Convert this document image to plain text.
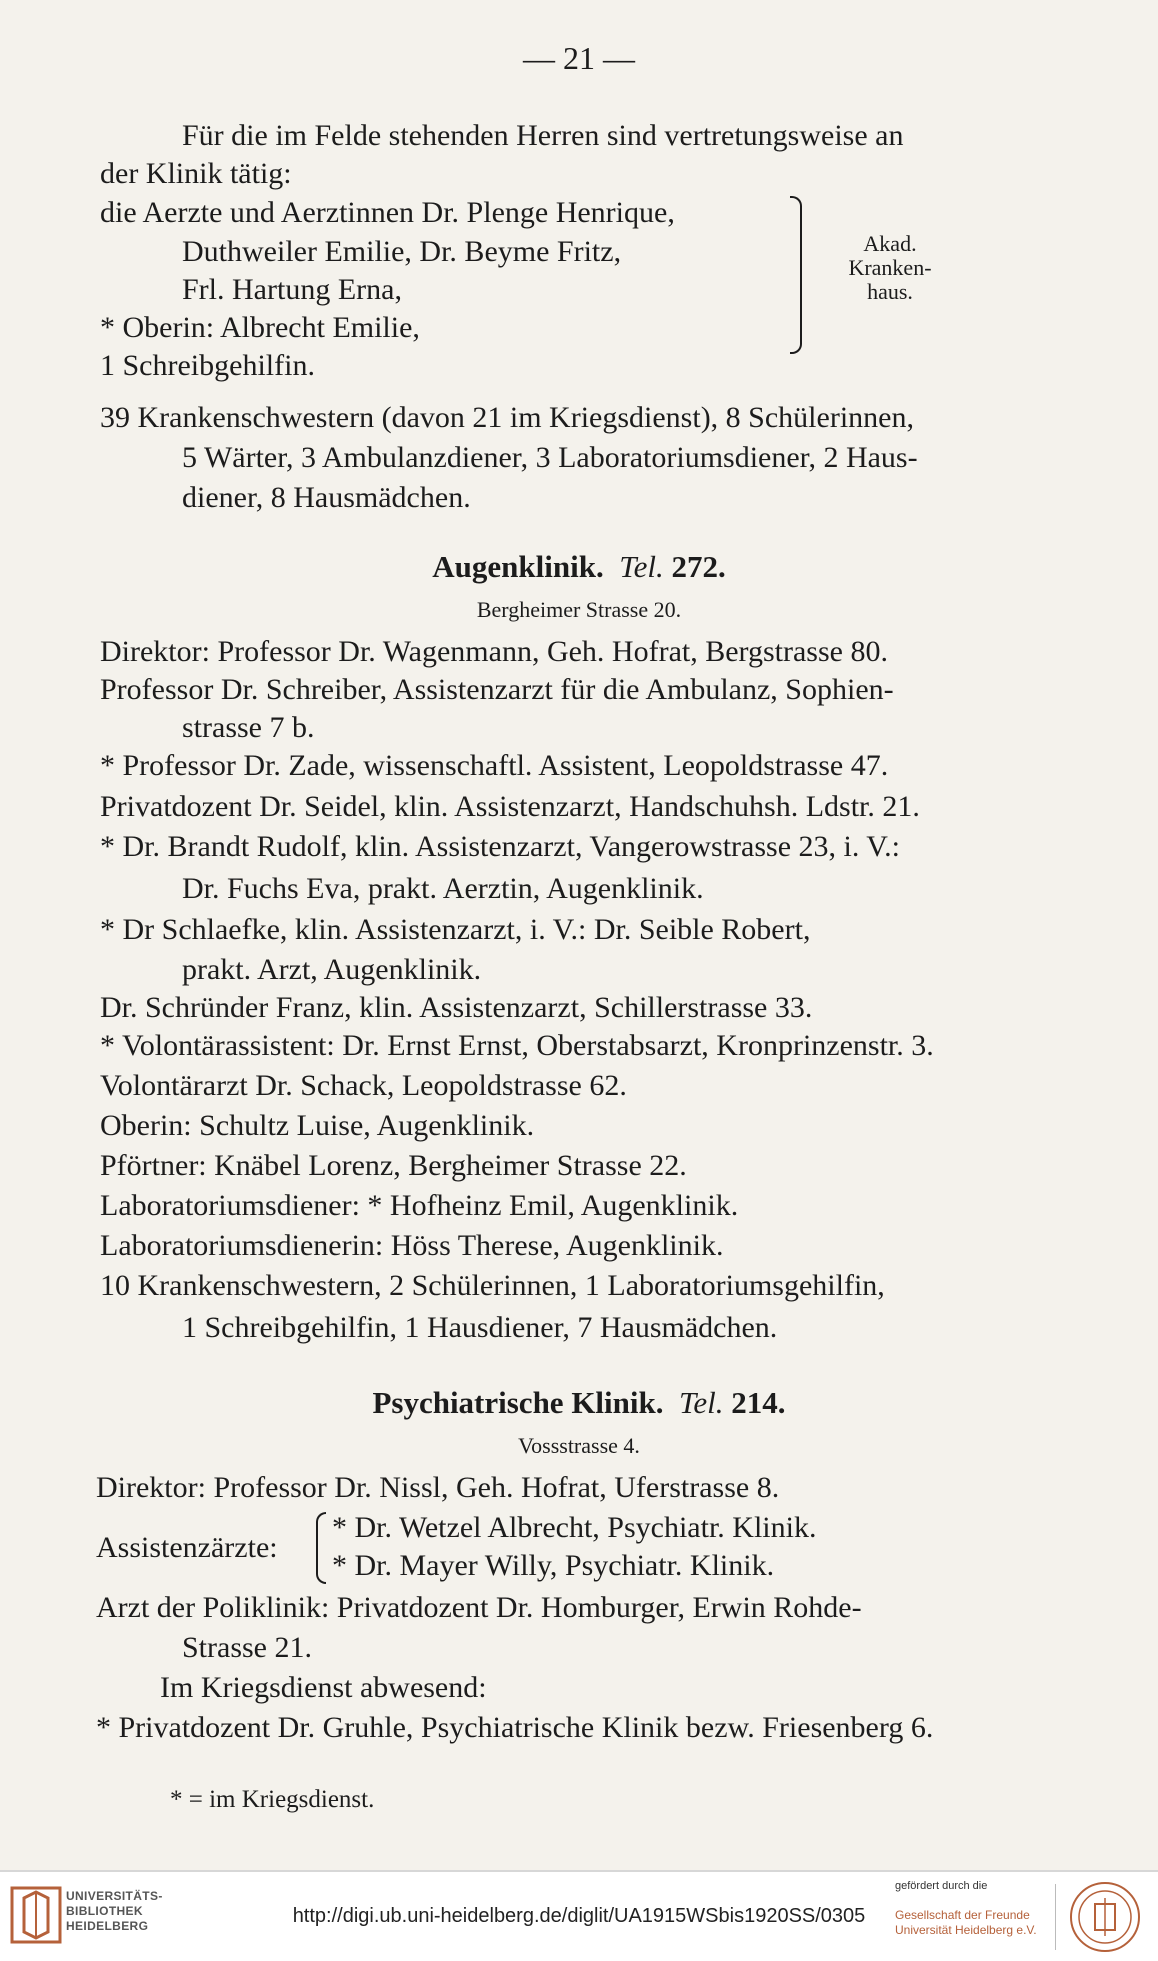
— 21 —
Für die im Felde stehenden Herren sind vertretungsweise an
der Klinik tätig:
die Aerzte und Aerztinnen Dr. Plenge Henrique,
Duthweiler Emilie, Dr. Beyme Fritz,
Frl. Hartung Erna,
* Oberin: Albrecht Emilie,
Akad.
Kranken-
haus.
1 Schreibgehilfin.
39 Krankenschwestern (davon 21 im Kriegsdienst), 8 Schülerinnen,
5 Wärter, 3 Ambulanzdiener, 3 Laboratoriumsdiener, 2 Haus-
diener, 8 Hausmädchen.
Augenklinik. Tel. 272.
Bergheimer Strasse 20.
Direktor: Professor Dr. Wagenmann, Geh. Hofrat, Bergstrasse 80.
Professor Dr. Schreiber, Assistenzarzt für die Ambulanz, Sophien-
strasse 7 b.
* Professor Dr. Zade, wissenschaftl. Assistent, Leopoldstrasse 47.
Privatdozent Dr. Seidel, klin. Assistenzarzt, Handschuhsh. Ldstr. 21.
* Dr. Brandt Rudolf, klin. Assistenzarzt, Vangerowstrasse 23, i. V.:
Dr. Fuchs Eva, prakt. Aerztin, Augenklinik.
* Dr Schlaefke, klin. Assistenzarzt, i. V.: Dr. Seible Robert,
prakt. Arzt, Augenklinik.
Dr. Schründer Franz, klin. Assistenzarzt, Schillerstrasse 33.
* Volontärassistent: Dr. Ernst Ernst, Oberstabsarzt, Kronprinzenstr. 3.
Volontärarzt Dr. Schack, Leopoldstrasse 62.
Oberin: Schultz Luise, Augenklinik.
Pförtner: Knäbel Lorenz, Bergheimer Strasse 22.
Laboratoriumsdiener: * Hofheinz Emil, Augenklinik.
Laboratoriumsdienerin: Höss Therese, Augenklinik.
10 Krankenschwestern, 2 Schülerinnen, 1 Laboratoriumsgehilfin,
1 Schreibgehilfin, 1 Hausdiener, 7 Hausmädchen.
Psychiatrische Klinik. Tel. 214.
Vossstrasse 4.
Direktor: Professor Dr. Nissl, Geh. Hofrat, Uferstrasse 8.
Assistenzärzte:
* Dr. Wetzel Albrecht, Psychiatr. Klinik.
* Dr. Mayer Willy, Psychiatr. Klinik.
Arzt der Poliklinik: Privatdozent Dr. Homburger, Erwin Rohde-
Strasse 21.
Im Kriegsdienst abwesend:
* Privatdozent Dr. Gruhle, Psychiatrische Klinik bezw. Friesenberg 6.
* = im Kriegsdienst.
UNIVERSITÄTS-
BIBLIOTHEK
HEIDELBERG	http://digi.ub.uni-heidelberg.de/diglit/UA1915WSbis1920SS/0305
gefördert durch die
Gesellschaft der Freunde
Universität Heidelberg e.V.
